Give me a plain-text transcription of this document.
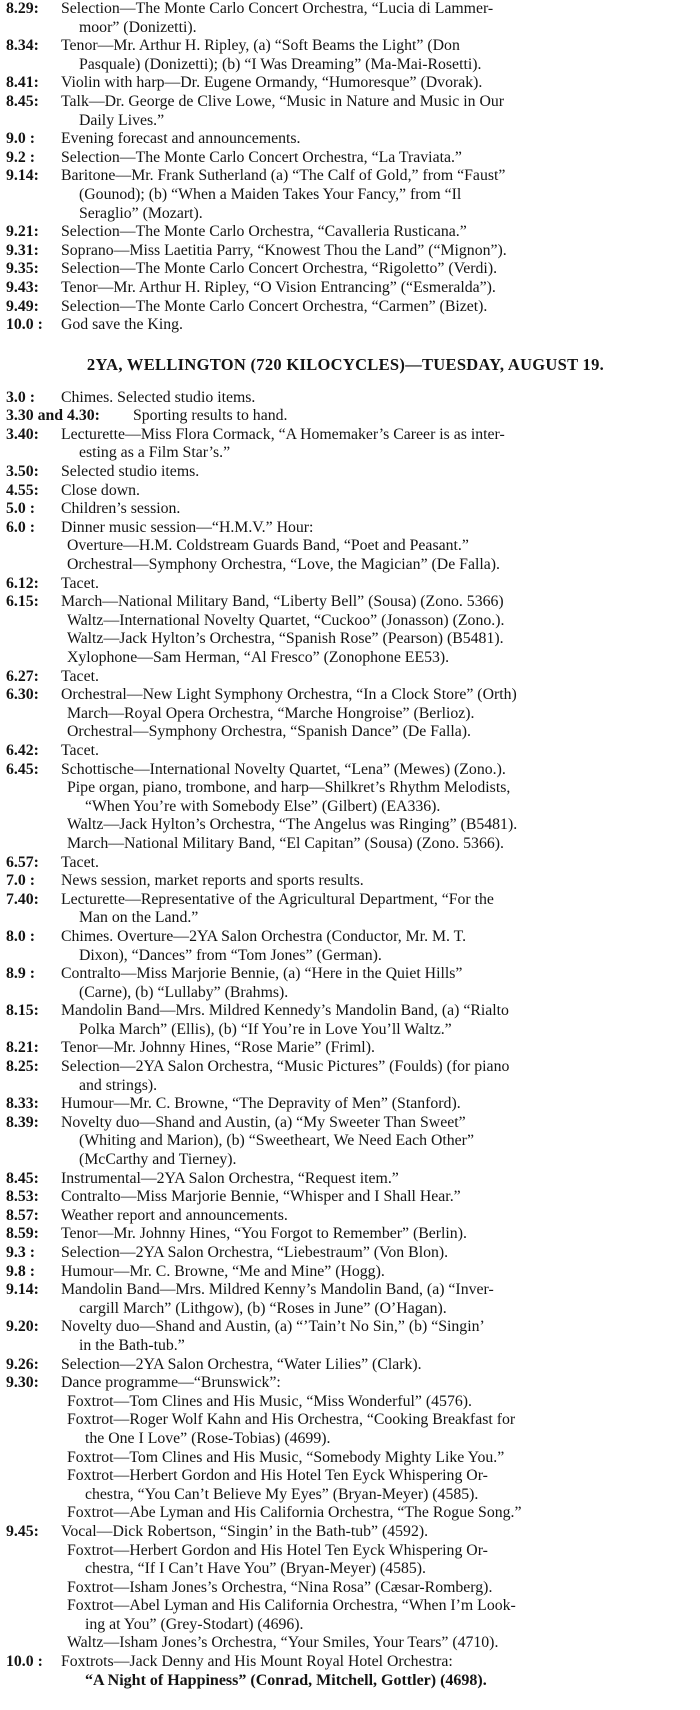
8.29:	Selection—The Monte Carlo Concert Orchestra, “Lucia di Lammer-
moor” (Donizetti).
8.34:	Tenor—Mr. Arthur H. Ripley, (a) “Soft Beams the Light” (Don
Pasquale) (Donizetti); (b) “I Was Dreaming” (Ma-Mai-Rosetti).
8.41:	Violin with harp—Dr. Eugene Ormandy, “Humoresque” (Dvorak).
8.45:	Talk—Dr. George de Clive Lowe, “Music in Nature and Music in Our
Daily Lives.”
9.0 :	Evening forecast and announcements.
9.2 :	Selection—The Monte Carlo Concert Orchestra, “La Traviata.”
9.14:	Baritone—Mr. Frank Sutherland (a) “The Calf of Gold,” from “Faust”
(Gounod); (b) “When a Maiden Takes Your Fancy,” from “Il
Seraglio” (Mozart).
9.21:	Selection—The Monte Carlo Orchestra, “Cavalleria Rusticana.”
9.31:	Soprano—Miss Laetitia Parry, “Knowest Thou the Land” (“Mignon”).
9.35:	Selection—The Monte Carlo Concert Orchestra, “Rigoletto” (Verdi).
9.43:	Tenor—Mr. Arthur H. Ripley, “O Vision Entrancing” (“Esmeralda”).
9.49:	Selection—The Monte Carlo Concert Orchestra, “Carmen” (Bizet).
10.0 :	God save the King.
2YA, WELLINGTON (720 KILOCYCLES)—TUESDAY, AUGUST 19.
3.0 :	Chimes. Selected studio items.
3.30 and 4.30:	Sporting results to hand.
3.40:	Lecturette—Miss Flora Cormack, “A Homemaker’s Career is as inter-
esting as a Film Star’s.”
3.50:	Selected studio items.
4.55:	Close down.
5.0 :	Children’s session.
6.0 :	Dinner music session—“H.M.V.” Hour:
Overture—H.M. Coldstream Guards Band, “Poet and Peasant.”
Orchestral—Symphony Orchestra, “Love, the Magician” (De Falla).
6.12:	Tacet.
6.15:	March—National Military Band, “Liberty Bell” (Sousa) (Zono. 5366)
Waltz—International Novelty Quartet, “Cuckoo” (Jonasson) (Zono.).
Waltz—Jack Hylton’s Orchestra, “Spanish Rose” (Pearson) (B5481).
Xylophone—Sam Herman, “Al Fresco” (Zonophone EE53).
6.27:	Tacet.
6.30:	Orchestral—New Light Symphony Orchestra, “In a Clock Store” (Orth)
March—Royal Opera Orchestra, “Marche Hongroise” (Berlioz).
Orchestral—Symphony Orchestra, “Spanish Dance” (De Falla).
6.42:	Tacet.
6.45:	Schottische—International Novelty Quartet, “Lena” (Mewes) (Zono.).
Pipe organ, piano, trombone, and harp—Shilkret’s Rhythm Melodists,
“When You’re with Somebody Else” (Gilbert) (EA336).
Waltz—Jack Hylton’s Orchestra, “The Angelus was Ringing” (B5481).
March—National Military Band, “El Capitan” (Sousa) (Zono. 5366).
6.57:	Tacet.
7.0 :	News session, market reports and sports results.
7.40:	Lecturette—Representative of the Agricultural Department, “For the
Man on the Land.”
8.0 :	Chimes. Overture—2YA Salon Orchestra (Conductor, Mr. M. T.
Dixon), “Dances” from “Tom Jones” (German).
8.9 :	Contralto—Miss Marjorie Bennie, (a) “Here in the Quiet Hills”
(Carne), (b) “Lullaby” (Brahms).
8.15:	Mandolin Band—Mrs. Mildred Kennedy’s Mandolin Band, (a) “Rialto
Polka March” (Ellis), (b) “If You’re in Love You’ll Waltz.”
8.21:	Tenor—Mr. Johnny Hines, “Rose Marie” (Friml).
8.25:	Selection—2YA Salon Orchestra, “Music Pictures” (Foulds) (for piano
and strings).
8.33:	Humour—Mr. C. Browne, “The Depravity of Men” (Stanford).
8.39:	Novelty duo—Shand and Austin, (a) “My Sweeter Than Sweet”
(Whiting and Marion), (b) “Sweetheart, We Need Each Other”
(McCarthy and Tierney).
8.45:	Instrumental—2YA Salon Orchestra, “Request item.”
8.53:	Contralto—Miss Marjorie Bennie, “Whisper and I Shall Hear.”
8.57:	Weather report and announcements.
8.59:	Tenor—Mr. Johnny Hines, “You Forgot to Remember” (Berlin).
9.3 :	Selection—2YA Salon Orchestra, “Liebestraum” (Von Blon).
9.8 :	Humour—Mr. C. Browne, “Me and Mine” (Hogg).
9.14:	Mandolin Band—Mrs. Mildred Kenny’s Mandolin Band, (a) “Inver-
cargill March” (Lithgow), (b) “Roses in June” (O’Hagan).
9.20:	Novelty duo—Shand and Austin, (a) “’Tain’t No Sin,” (b) “Singin’
in the Bath-tub.”
9.26:	Selection—2YA Salon Orchestra, “Water Lilies” (Clark).
9.30:	Dance programme—“Brunswick”:
Foxtrot—Tom Clines and His Music, “Miss Wonderful” (4576).
Foxtrot—Roger Wolf Kahn and His Orchestra, “Cooking Breakfast for
the One I Love” (Rose-Tobias) (4699).
Foxtrot—Tom Clines and His Music, “Somebody Mighty Like You.”
Foxtrot—Herbert Gordon and His Hotel Ten Eyck Whispering Or-
chestra, “You Can’t Believe My Eyes” (Bryan-Meyer) (4585).
Foxtrot—Abe Lyman and His California Orchestra, “The Rogue Song.”
9.45:	Vocal—Dick Robertson, “Singin’ in the Bath-tub” (4592).
Foxtrot—Herbert Gordon and His Hotel Ten Eyck Whispering Or-
chestra, “If I Can’t Have You” (Bryan-Meyer) (4585).
Foxtrot—Isham Jones’s Orchestra, “Nina Rosa” (Cæsar-Romberg).
Foxtrot—Abel Lyman and His California Orchestra, “When I’m Look-
ing at You” (Grey-Stodart) (4696).
Waltz—Isham Jones’s Orchestra, “Your Smiles, Your Tears” (4710).
10.0 :	Foxtrots—Jack Denny and His Mount Royal Hotel Orchestra:
“A Night of Happiness” (Conrad, Mitchell, Gottler) (4698).
